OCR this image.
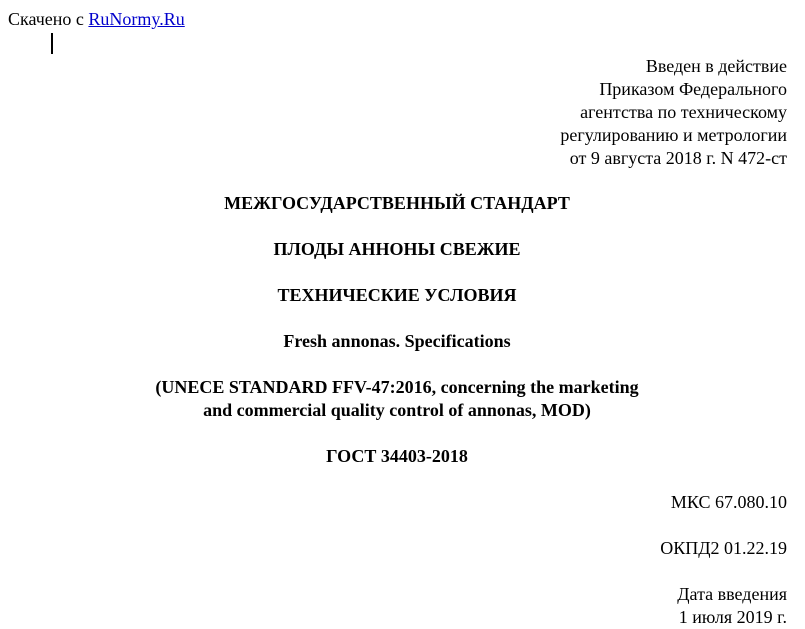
Скачено с RuNormy.Ru
Введен в действие
Приказом Федерального
агентства по техническому
регулированию и метрологии
от 9 августа 2018 г. N 472-ст
МЕЖГОСУДАРСТВЕННЫЙ СТАНДАРТ
ПЛОДЫ АННОНЫ СВЕЖИЕ
ТЕХНИЧЕСКИЕ УСЛОВИЯ
Fresh annonas. Specifications
(UNECE STANDARD FFV-47:2016, concerning the marketing
and commercial quality control of annonas, MOD)
ГОСТ 34403-2018
МКС 67.080.10
ОКПД2 01.22.19
Дата введения
1 июля 2019 г.
